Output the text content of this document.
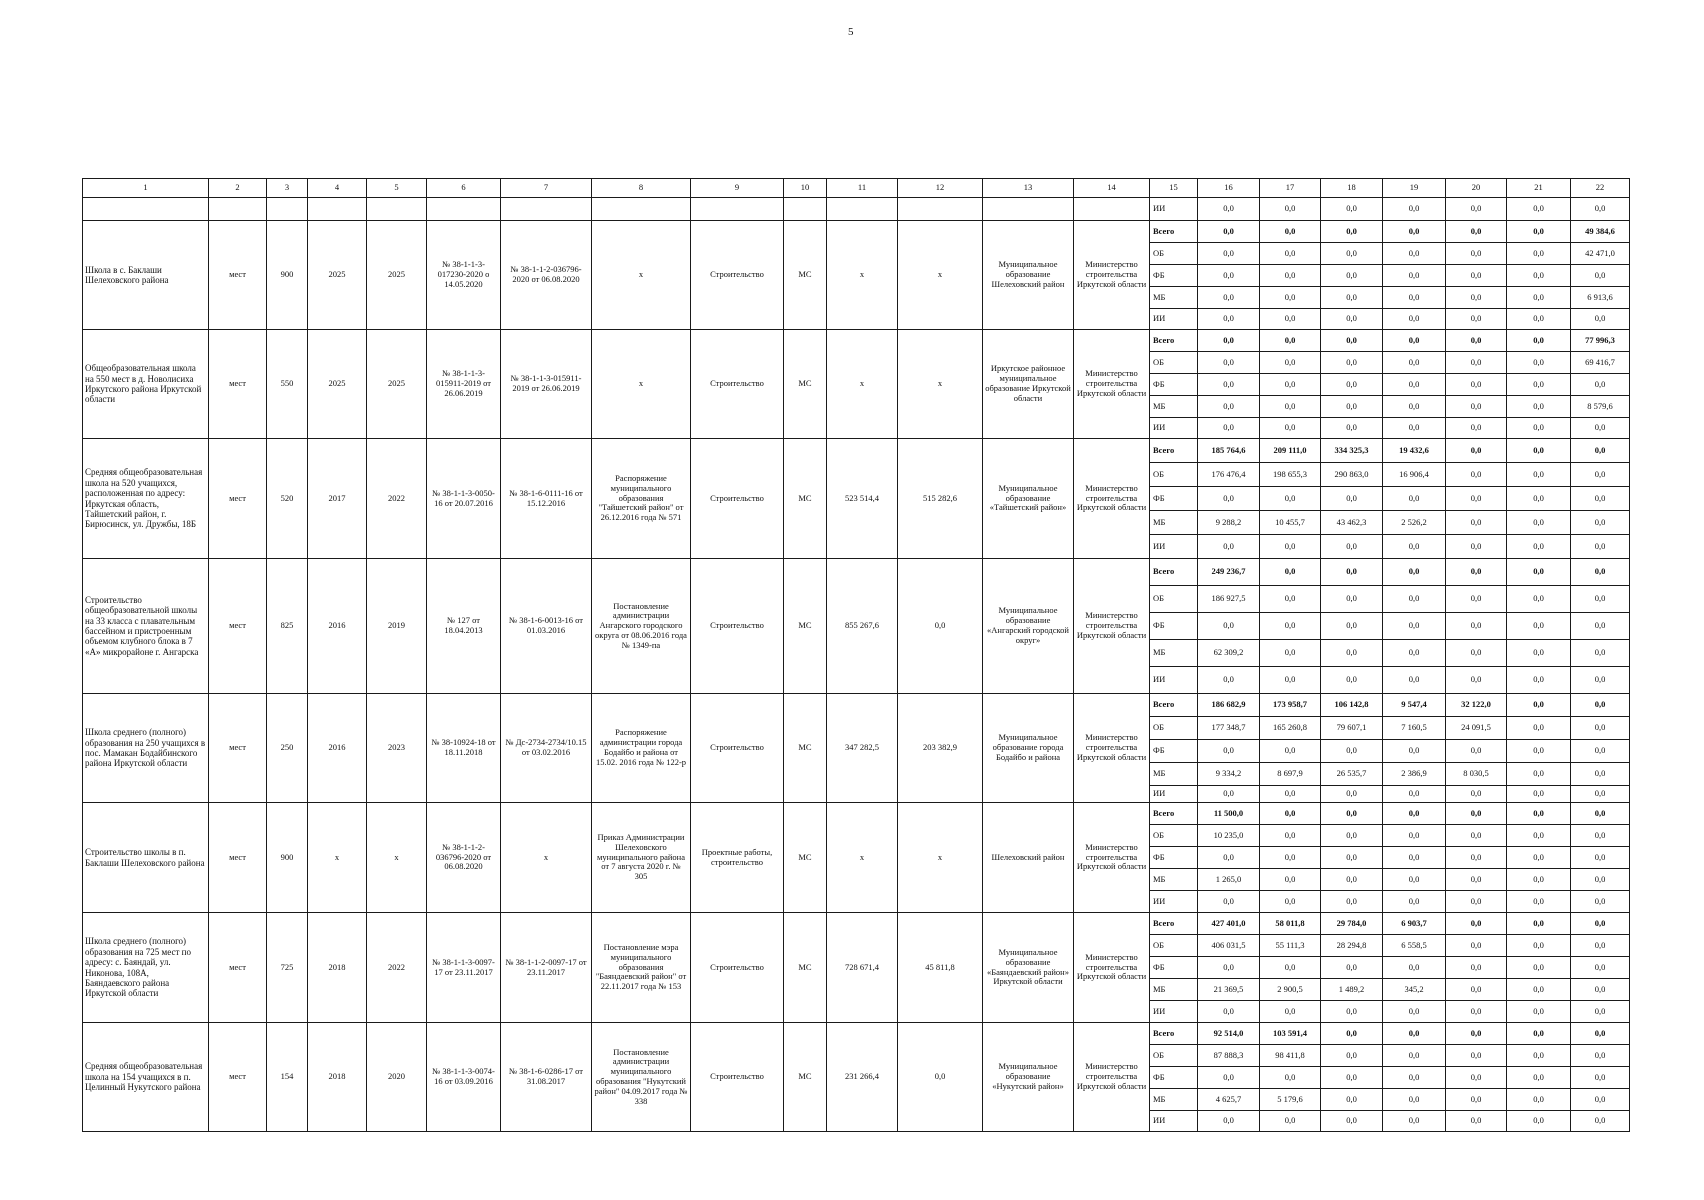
5
1	2	3	4	5	6	7	8	9	10	11	12	13	14	15	16	17	18	19	20	21	22
														ИИ	0,0	0,0	0,0	0,0	0,0	0,0	0,0
Школа в с. Баклаши Шелеховского района	мест	900	2025	2025	№ 38-1-1-3-017230-2020 о 14.05.2020	№ 38-1-1-2-036796-2020 от 06.08.2020	х	Строительство	МС	х	х	Муниципальное образование Шелеховский район	Министерство строительства Иркутской области	Всего	0,0	0,0	0,0	0,0	0,0	0,0	49 384,6
														ОБ	0,0	0,0	0,0	0,0	0,0	0,0	42 471,0
														ФБ	0,0	0,0	0,0	0,0	0,0	0,0	0,0
														МБ	0,0	0,0	0,0	0,0	0,0	0,0	6 913,6
														ИИ	0,0	0,0	0,0	0,0	0,0	0,0	0,0
Общеобразовательная школа на 550 мест в д. Новолисиха Иркутского района Иркутской области	мест	550	2025	2025	№ 38-1-1-3-015911-2019 от 26.06.2019	№ 38-1-1-3-015911-2019 от 26.06.2019	х	Строительство	МС	х	х	Иркутское районное муниципальное образование Иркутской области	Министерство строительства Иркутской области	Всего	0,0	0,0	0,0	0,0	0,0	0,0	77 996,3
														ОБ	0,0	0,0	0,0	0,0	0,0	0,0	69 416,7
														ФБ	0,0	0,0	0,0	0,0	0,0	0,0	0,0
														МБ	0,0	0,0	0,0	0,0	0,0	0,0	8 579,6
														ИИ	0,0	0,0	0,0	0,0	0,0	0,0	0,0
Средняя общеобразовательная школа на 520 учащихся, расположенная по адресу: Иркутская область, Тайшетский район, г. Бирюсинск, ул. Дружбы, 18Б	мест	520	2017	2022	№ 38-1-1-3-0050-16 от 20.07.2016	№ 38-1-6-0111-16 от 15.12.2016	Распоряжение муниципального образования "Тайшетский район" от 26.12.2016 года № 571	Строительство	МС	523 514,4	515 282,6	Муниципальное образование «Тайшетский район»	Министерство строительства Иркутской области	Всего	185 764,6	209 111,0	334 325,3	19 432,6	0,0	0,0	0,0
														ОБ	176 476,4	198 655,3	290 863,0	16 906,4	0,0	0,0	0,0
														ФБ	0,0	0,0	0,0	0,0	0,0	0,0	0,0
														МБ	9 288,2	10 455,7	43 462,3	2 526,2	0,0	0,0	0,0
														ИИ	0,0	0,0	0,0	0,0	0,0	0,0	0,0
Строительство общеобразовательной школы на 33 класса с плавательным бассейном и пристроенным объемом клубного блока в 7 «А» микрорайоне г. Ангарска	мест	825	2016	2019	№ 127 от 18.04.2013	№ 38-1-6-0013-16 от 01.03.2016	Постановление администрации Ангарского городского округа от 08.06.2016 года № 1349-па	Строительство	МС	855 267,6	0,0	Муниципальное образование «Ангарский городской округ»	Министерство строительства Иркутской области	Всего	249 236,7	0,0	0,0	0,0	0,0	0,0	0,0
														ОБ	186 927,5	0,0	0,0	0,0	0,0	0,0	0,0
														ФБ	0,0	0,0	0,0	0,0	0,0	0,0	0,0
														МБ	62 309,2	0,0	0,0	0,0	0,0	0,0	0,0
														ИИ	0,0	0,0	0,0	0,0	0,0	0,0	0,0
Школа среднего (полного) образования на 250 учащихся в пос. Мамакан Бодайбинского района Иркутской области	мест	250	2016	2023	№ 38-10924-18 от 18.11.2018	№ Дс-2734-2734/10.15 от 03.02.2016	Распоряжение администрации города Бодайбо и района от 15.02. 2016 года № 122-р	Строительство	МС	347 282,5	203 382,9	Муниципальное образование города Бодайбо и района	Министерство строительства Иркутской области	Всего	186 682,9	173 958,7	106 142,8	9 547,4	32 122,0	0,0	0,0
														ОБ	177 348,7	165 260,8	79 607,1	7 160,5	24 091,5	0,0	0,0
														ФБ	0,0	0,0	0,0	0,0	0,0	0,0	0,0
														МБ	9 334,2	8 697,9	26 535,7	2 386,9	8 030,5	0,0	0,0
														ИИ	0,0	0,0	0,0	0,0	0,0	0,0	0,0
Строительство школы в п. Баклаши Шелеховского района	мест	900	х	х	№ 38-1-1-2-036796-2020 от 06.08.2020	х	Приказ Администрации Шелеховского муниципального района от 7 августа 2020 г. № 305	Проектные работы, строительство	МС	х	х	Шелеховский район	Министерство строительства Иркутской области	Всего	11 500,0	0,0	0,0	0,0	0,0	0,0	0,0
														ОБ	10 235,0	0,0	0,0	0,0	0,0	0,0	0,0
														ФБ	0,0	0,0	0,0	0,0	0,0	0,0	0,0
														МБ	1 265,0	0,0	0,0	0,0	0,0	0,0	0,0
														ИИ	0,0	0,0	0,0	0,0	0,0	0,0	0,0
Школа среднего (полного) образования на 725 мест по адресу: с. Баяндай, ул. Никонова, 108А, Баяндаевского района Иркутской области	мест	725	2018	2022	№ 38-1-1-3-0097-17 от 23.11.2017	№ 38-1-1-2-0097-17 от 23.11.2017	Постановление мэра муниципального образования "Баяндаевский район" от 22.11.2017 года № 153	Строительство	МС	728 671,4	45 811,8	Муниципальное образование «Баяндаевский район» Иркутской области	Министерство строительства Иркутской области	Всего	427 401,0	58 011,8	29 784,0	6 903,7	0,0	0,0	0,0
														ОБ	406 031,5	55 111,3	28 294,8	6 558,5	0,0	0,0	0,0
														ФБ	0,0	0,0	0,0	0,0	0,0	0,0	0,0
														МБ	21 369,5	2 900,5	1 489,2	345,2	0,0	0,0	0,0
														ИИ	0,0	0,0	0,0	0,0	0,0	0,0	0,0
Средняя общеобразовательная школа на 154 учащихся в п. Целинный Нукутского района	мест	154	2018	2020	№ 38-1-1-3-0074-16 от 03.09.2016	№ 38-1-6-0286-17 от 31.08.2017	Постановление администрации муниципального образования "Нукутский район" 04.09.2017 года № 338	Строительство	МС	231 266,4	0,0	Муниципальное образование «Нукутский район»	Министерство строительства Иркутской области	Всего	92 514,0	103 591,4	0,0	0,0	0,0	0,0	0,0
														ОБ	87 888,3	98 411,8	0,0	0,0	0,0	0,0	0,0
														ФБ	0,0	0,0	0,0	0,0	0,0	0,0	0,0
														МБ	4 625,7	5 179,6	0,0	0,0	0,0	0,0	0,0
														ИИ	0,0	0,0	0,0	0,0	0,0	0,0	0,0
